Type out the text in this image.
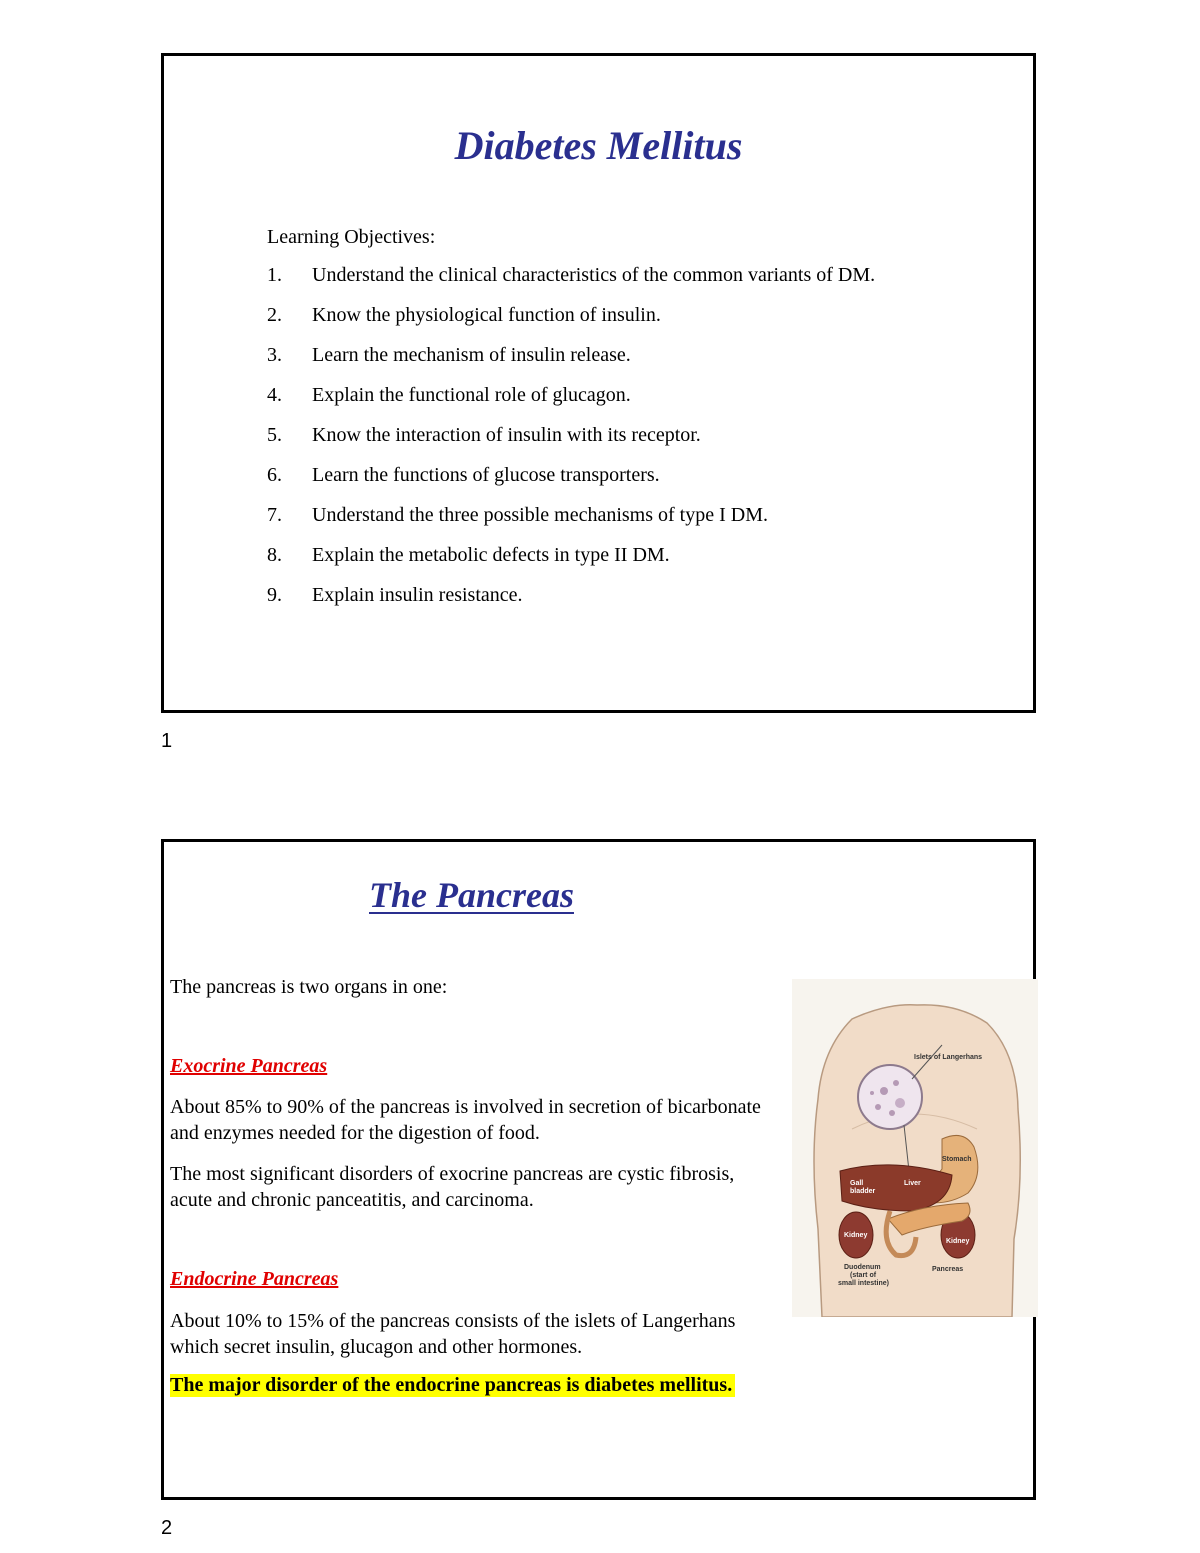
Diabetes Mellitus
Learning Objectives:
1. Understand the clinical characteristics of the common variants of DM.
2. Know the physiological function of insulin.
3. Learn the mechanism of insulin release.
4. Explain the functional role of glucagon.
5. Know the interaction of insulin with its receptor.
6. Learn the functions of glucose transporters.
7. Understand the three possible mechanisms of type I DM.
8. Explain the metabolic defects in type II DM.
9. Explain insulin resistance.
1
The Pancreas
The pancreas is two organs in one:
Exocrine Pancreas
About 85% to 90% of the pancreas is involved in secretion of bicarbonate and enzymes needed for the digestion of food.
The most significant disorders of exocrine pancreas are cystic fibrosis, acute and chronic panceatitis, and carcinoma.
Endocrine Pancreas
About 10% to 15% of the pancreas consists of the islets of Langerhans which secret insulin, glucagon and other hormones.
The major disorder of the endocrine pancreas is diabetes mellitus.
Islets of Langerhans
Stomach
Gall
bladder
Liver
Kidney
Kidney
Duodenum
(start of
small intestine)
Pancreas
2
